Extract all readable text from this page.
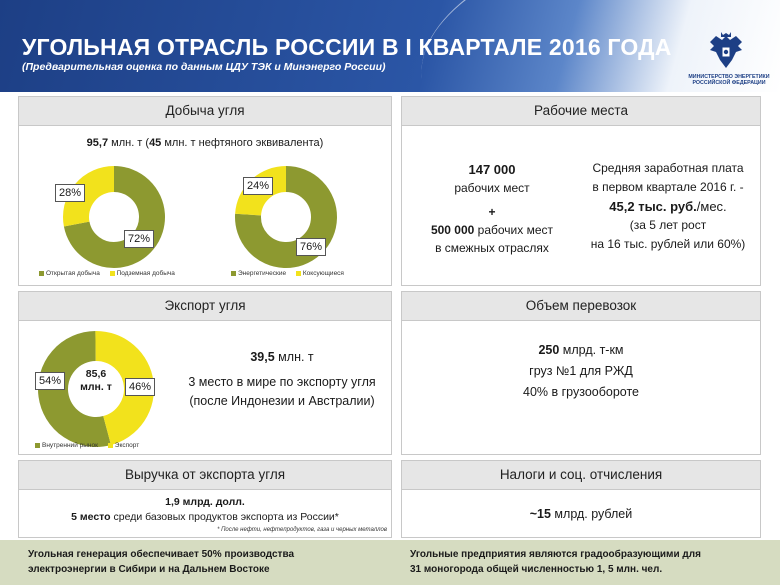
УГОЛЬНАЯ ОТРАСЛЬ РОССИИ В I КВАРТАЛЕ 2016 ГОДА
(Предварительная оценка по данным ЦДУ ТЭК и Минэнерго России)
МИНИСТЕРСТВО ЭНЕРГЕТИКИ РОССИЙСКОЙ ФЕДЕРАЦИИ
Добыча угля
95,7 млн. т (45 млн. т нефтяного эквивалента)
72%
28%
Открытая добыча	Подземная добыча
76%
24%
Энергетические	Коксующиеся
Рабочие места
147 000
рабочих мест
+
500 000 рабочих мест
в смежных отраслях
Средняя заработная плата
в первом квартале 2016 г. -
45,2 тыс. руб./мес.
(за 5 лет рост
на 16 тыс. рублей или 60%)
Экспорт угля
85,6
млн. т
54%	46%
Внутренний рынок	Экспорт
39,5 млн. т
3 место в мире по экспорту угля
(после Индонезии и Австралии)
Объем перевозок
250 млрд. т-км
груз №1 для РЖД
40% в грузообороте
Выручка от экспорта угля
1,9 млрд. долл.
5 место среди базовых продуктов экспорта из России*
* После нефти, нефтепродуктов, газа и черных металлов
Налоги и соц. отчисления
~15 млрд. рублей
Угольная генерация обеспечивает 50% производства
электроэнергии в Сибири и на Дальнем Востоке
Угольные предприятия являются градообразующими для
31 моногорода общей численностью 1, 5 млн. чел.
